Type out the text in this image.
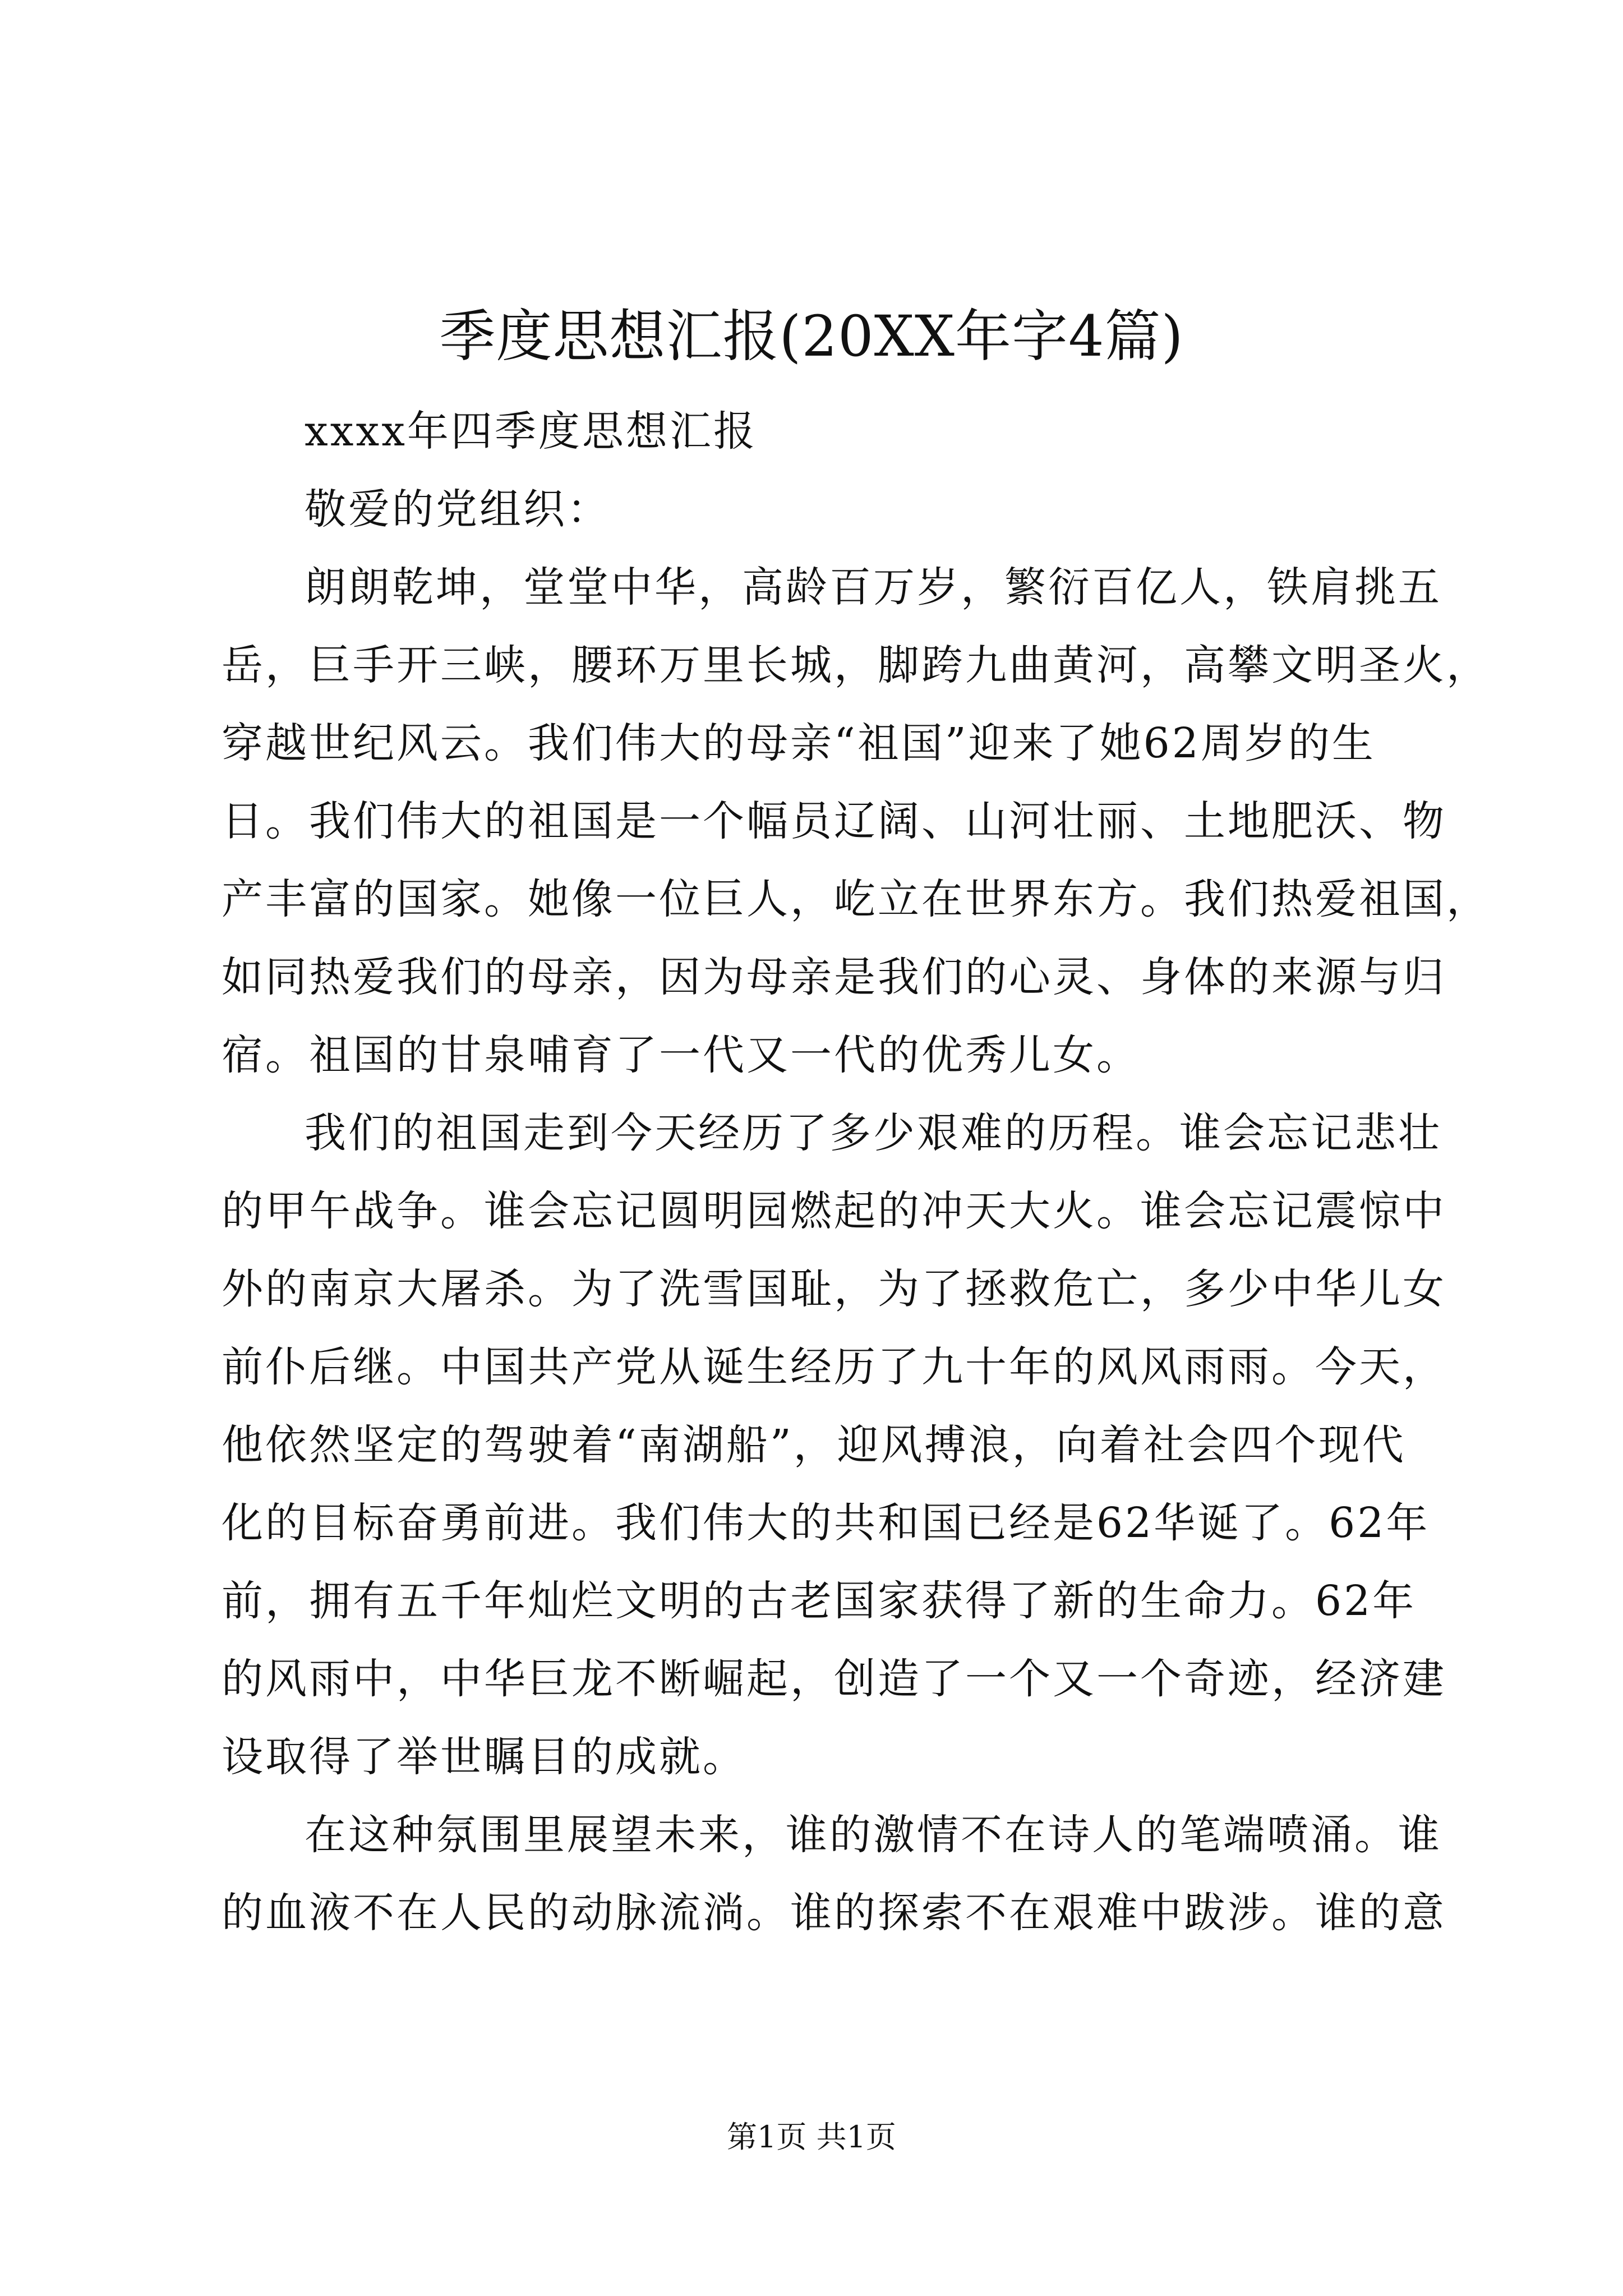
季度思想汇报(20XX年字4篇)
xxxx年四季度思想汇报
敬爱的党组织：
朗朗乾坤，堂堂中华，高龄百万岁，繁衍百亿人，铁肩挑五
岳，巨手开三峡，腰环万里长城，脚跨九曲黄河，高攀文明圣火，
穿越世纪风云。我们伟大的母亲“祖国”迎来了她62周岁的生
日。我们伟大的祖国是一个幅员辽阔、山河壮丽、土地肥沃、物
产丰富的国家。她像一位巨人，屹立在世界东方。我们热爱祖国，
如同热爱我们的母亲，因为母亲是我们的心灵、身体的来源与归
宿。祖国的甘泉哺育了一代又一代的优秀儿女。
我们的祖国走到今天经历了多少艰难的历程。谁会忘记悲壮
的甲午战争。谁会忘记圆明园燃起的冲天大火。谁会忘记震惊中
外的南京大屠杀。为了洗雪国耻，为了拯救危亡，多少中华儿女
前仆后继。中国共产党从诞生经历了九十年的风风雨雨。今天，
他依然坚定的驾驶着“南湖船”，迎风搏浪，向着社会四个现代
化的目标奋勇前进。我们伟大的共和国已经是62华诞了。62年
前，拥有五千年灿烂文明的古老国家获得了新的生命力。62年
的风雨中，中华巨龙不断崛起，创造了一个又一个奇迹，经济建
设取得了举世瞩目的成就。
在这种氛围里展望未来，谁的激情不在诗人的笔端喷涌。谁
的血液不在人民的动脉流淌。谁的探索不在艰难中跋涉。谁的意
第1页 共1页
